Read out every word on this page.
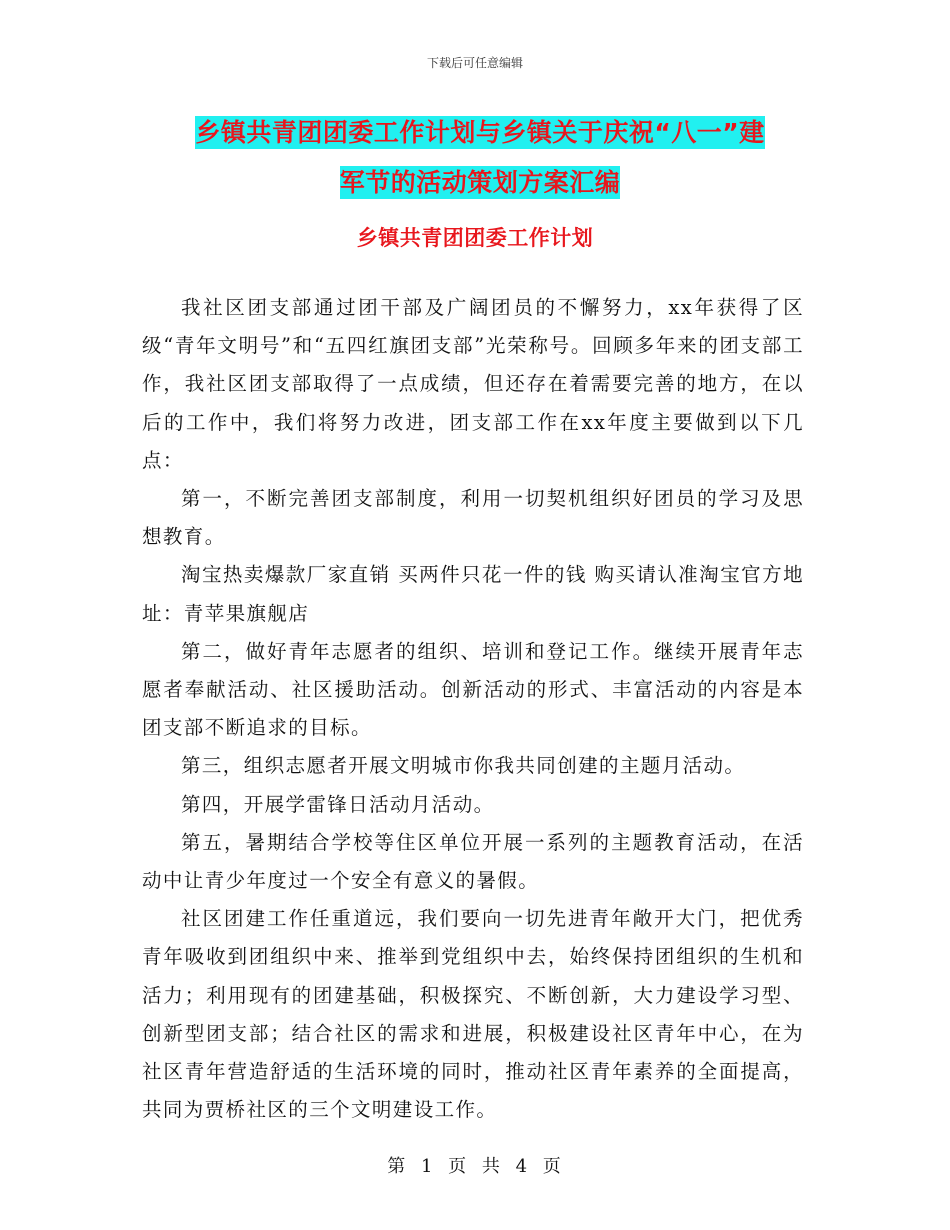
下载后可任意编辑
乡镇共青团团委工作计划与乡镇关于庆祝“八一”建
军节的活动策划方案汇编
乡镇共青团团委工作计划

我社区团支部通过团干部及广阔团员的不懈努力，xx年获得了区级“青年文明号”和“五四红旗团支部”光荣称号。回顾多年来的团支部工作，我社区团支部取得了一点成绩，但还存在着需要完善的地方，在以后的工作中，我们将努力改进，团支部工作在xx年度主要做到以下几点：

第一，不断完善团支部制度，利用一切契机组织好团员的学习及思想教育。

淘宝热卖爆款厂家直销 买两件只花一件的钱 购买请认准淘宝官方地址：青苹果旗舰店

第二，做好青年志愿者的组织、培训和登记工作。继续开展青年志愿者奉献活动、社区援助活动。创新活动的形式、丰富活动的内容是本团支部不断追求的目标。

第三，组织志愿者开展文明城市你我共同创建的主题月活动。

第四，开展学雷锋日活动月活动。

第五，暑期结合学校等住区单位开展一系列的主题教育活动，在活动中让青少年度过一个安全有意义的暑假。

社区团建工作任重道远，我们要向一切先进青年敞开大门，把优秀青年吸收到团组织中来、推举到党组织中去，始终保持团组织的生机和活力；利用现有的团建基础，积极探究、不断创新，大力建设学习型、创新型团支部；结合社区的需求和进展，积极建设社区青年中心，在为社区青年营造舒适的生活环境的同时，推动社区青年素养的全面提高，共同为贾桥社区的三个文明建设工作。

第 1 页 共 4 页
